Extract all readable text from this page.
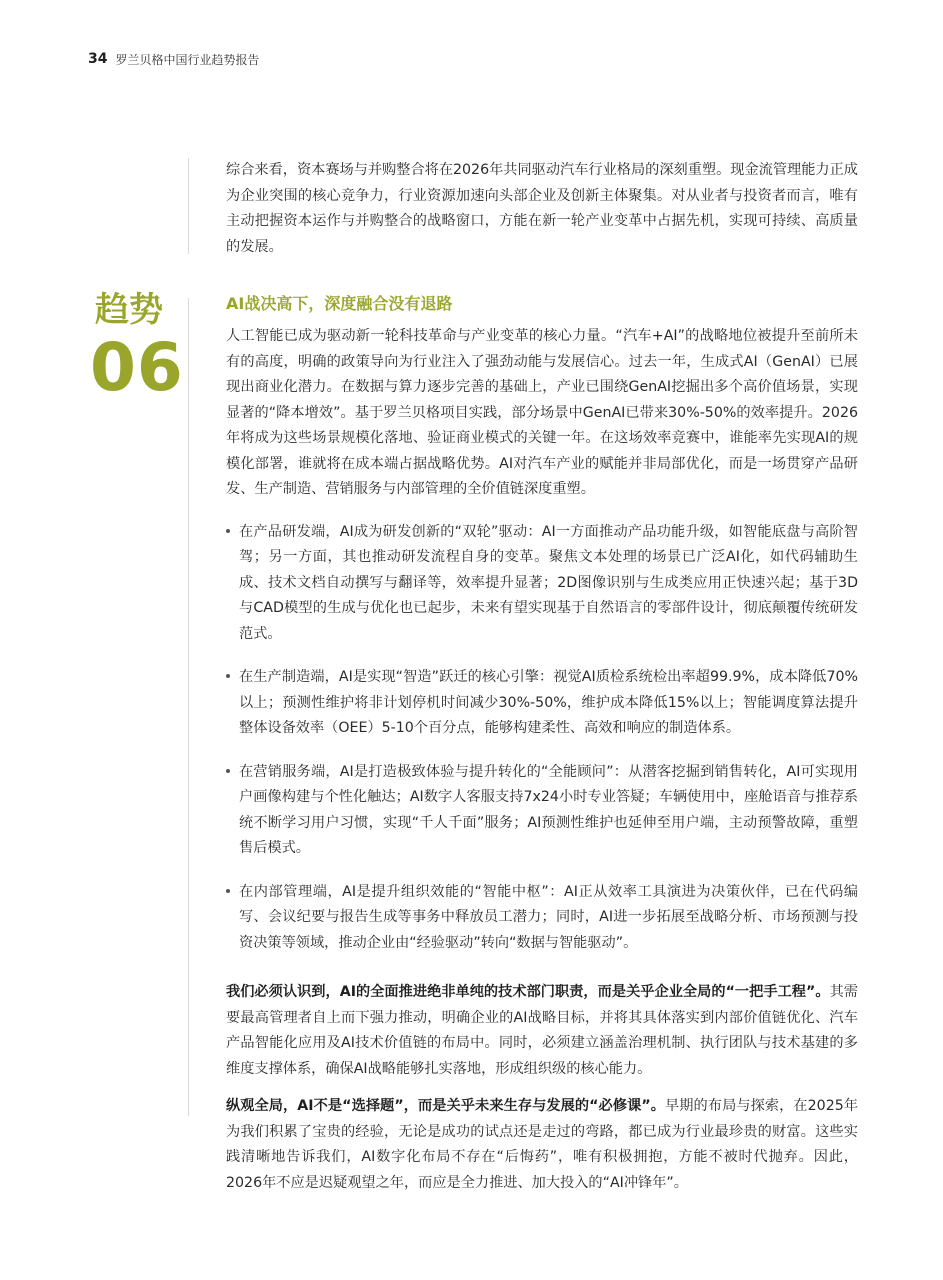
34 罗兰贝格中国行业趋势报告

综合来看，资本赛场与并购整合将在2026年共同驱动汽车行业格局的深刻重塑。现金流管理能力正成为企业突围的核心竞争力，行业资源加速向头部企业及创新主体聚集。对从业者与投资者而言，唯有主动把握资本运作与并购整合的战略窗口，方能在新一轮产业变革中占据先机，实现可持续、高质量的发展。

趋势
06
AI战决高下，深度融合没有退路

人工智能已成为驱动新一轮科技革命与产业变革的核心力量。“汽车+AI”的战略地位被提升至前所未有的高度，明确的政策导向为行业注入了强劲动能与发展信心。过去一年，生成式AI（GenAI）已展现出商业化潜力。在数据与算力逐步完善的基础上，产业已围绕GenAI挖掘出多个高价值场景，实现显著的“降本增效”。基于罗兰贝格项目实践，部分场景中GenAI已带来30%-50%的效率提升。2026年将成为这些场景规模化落地、验证商业模式的关键一年。在这场效率竞赛中，谁能率先实现AI的规模化部署，谁就将在成本端占据战略优势。AI对汽车产业的赋能并非局部优化，而是一场贯穿产品研发、生产制造、营销服务与内部管理的全价值链深度重塑。

在产品研发端，AI成为研发创新的“双轮”驱动：AI一方面推动产品功能升级，如智能底盘与高阶智驾；另一方面，其也推动研发流程自身的变革。聚焦文本处理的场景已广泛AI化，如代码辅助生成、技术文档自动撰写与翻译等，效率提升显著；2D图像识别与生成类应用正快速兴起；基于3D与CAD模型的生成与优化也已起步，未来有望实现基于自然语言的零部件设计，彻底颠覆传统研发范式。

在生产制造端，AI是实现“智造”跃迁的核心引擎：视觉AI质检系统检出率超99.9%，成本降低70%以上；预测性维护将非计划停机时间减少30%-50%，维护成本降低15%以上；智能调度算法提升整体设备效率（OEE）5-10个百分点，能够构建柔性、高效和响应的制造体系。

在营销服务端，AI是打造极致体验与提升转化的“全能顾问”：从潜客挖掘到销售转化，AI可实现用户画像构建与个性化触达；AI数字人客服支持7x24小时专业答疑；车辆使用中，座舱语音与推荐系统不断学习用户习惯，实现“千人千面”服务；AI预测性维护也延伸至用户端，主动预警故障，重塑售后模式。

在内部管理端，AI是提升组织效能的“智能中枢”：AI正从效率工具演进为决策伙伴，已在代码编写、会议纪要与报告生成等事务中释放员工潜力；同时，AI进一步拓展至战略分析、市场预测与投资决策等领域，推动企业由“经验驱动”转向“数据与智能驱动”。

我们必须认识到，AI的全面推进绝非单纯的技术部门职责，而是关乎企业全局的“一把手工程”。其需要最高管理者自上而下强力推动，明确企业的AI战略目标，并将其具体落实到内部价值链优化、汽车产品智能化应用及AI技术价值链的布局中。同时，必须建立涵盖治理机制、执行团队与技术基建的多维度支撑体系，确保AI战略能够扎实落地，形成组织级的核心能力。

纵观全局，AI不是“选择题”，而是关乎未来生存与发展的“必修课”。早期的布局与探索，在2025年为我们积累了宝贵的经验，无论是成功的试点还是走过的弯路，都已成为行业最珍贵的财富。这些实践清晰地告诉我们，AI数字化布局不存在“后悔药”，唯有积极拥抱，方能不被时代抛弃。因此，2026年不应是迟疑观望之年，而应是全力推进、加大投入的“AI冲锋年”。
